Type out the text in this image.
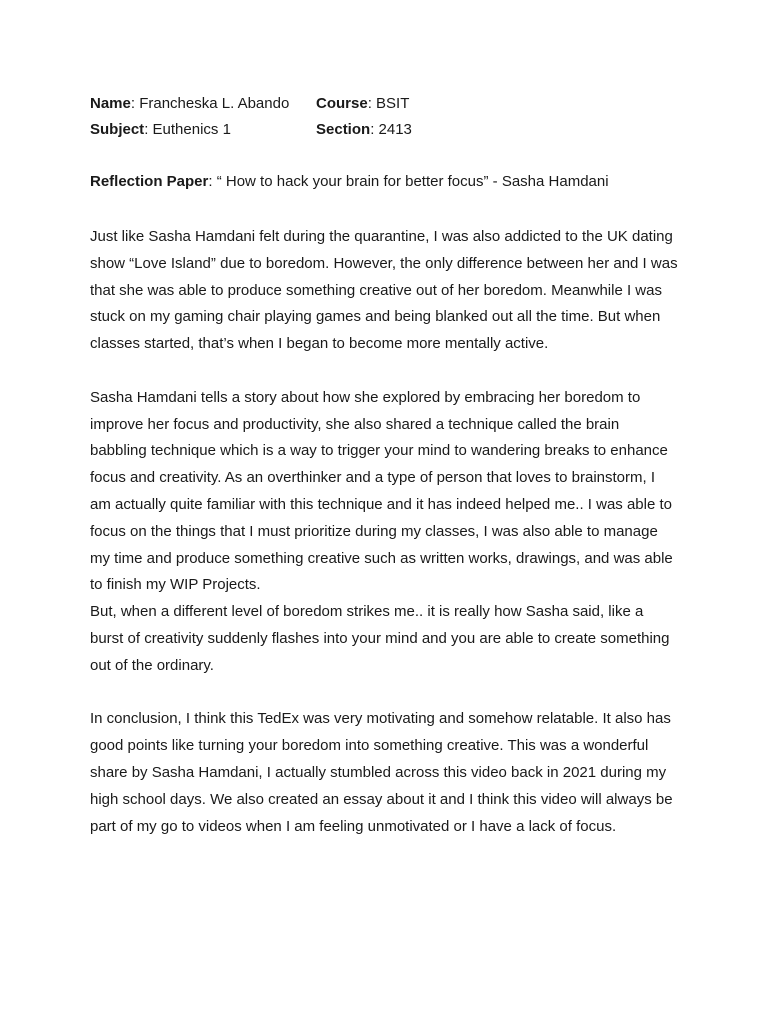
Name: Francheska L. Abando	Course: BSIT
Subject: Euthenics 1	Section: 2413
Reflection Paper: “ How to hack your brain for better focus” - Sasha Hamdani

Just like Sasha Hamdani felt during the quarantine, I was also addicted to the UK dating show “Love Island” due to boredom. However, the only difference between her and I was that she was able to produce something creative out of her boredom. Meanwhile I was stuck on my gaming chair playing games and being blanked out all the time. But when classes started, that’s when I began to become more mentally active.

Sasha Hamdani tells a story about how she explored by embracing her boredom to improve her focus and productivity, she also shared a technique called the brain babbling technique which is a way to trigger your mind to wandering breaks to enhance focus and creativity. As an overthinker and a type of person that loves to brainstorm, I am actually quite familiar with this technique and it has indeed helped me.. I was able to focus on the things that I must prioritize during my classes, I was also able to manage my time and produce something creative such as written works, drawings, and was able to finish my WIP Projects.

But, when a different level of boredom strikes me.. it is really how Sasha said, like a burst of creativity suddenly flashes into your mind and you are able to create something out of the ordinary.

In conclusion, I think this TedEx was very motivating and somehow relatable. It also has good points like turning your boredom into something creative. This was a wonderful share by Sasha Hamdani, I actually stumbled across this video back in 2021 during my high school days. We also created an essay about it and I think this video will always be part of my go to videos when I am feeling unmotivated or I have a lack of focus.
